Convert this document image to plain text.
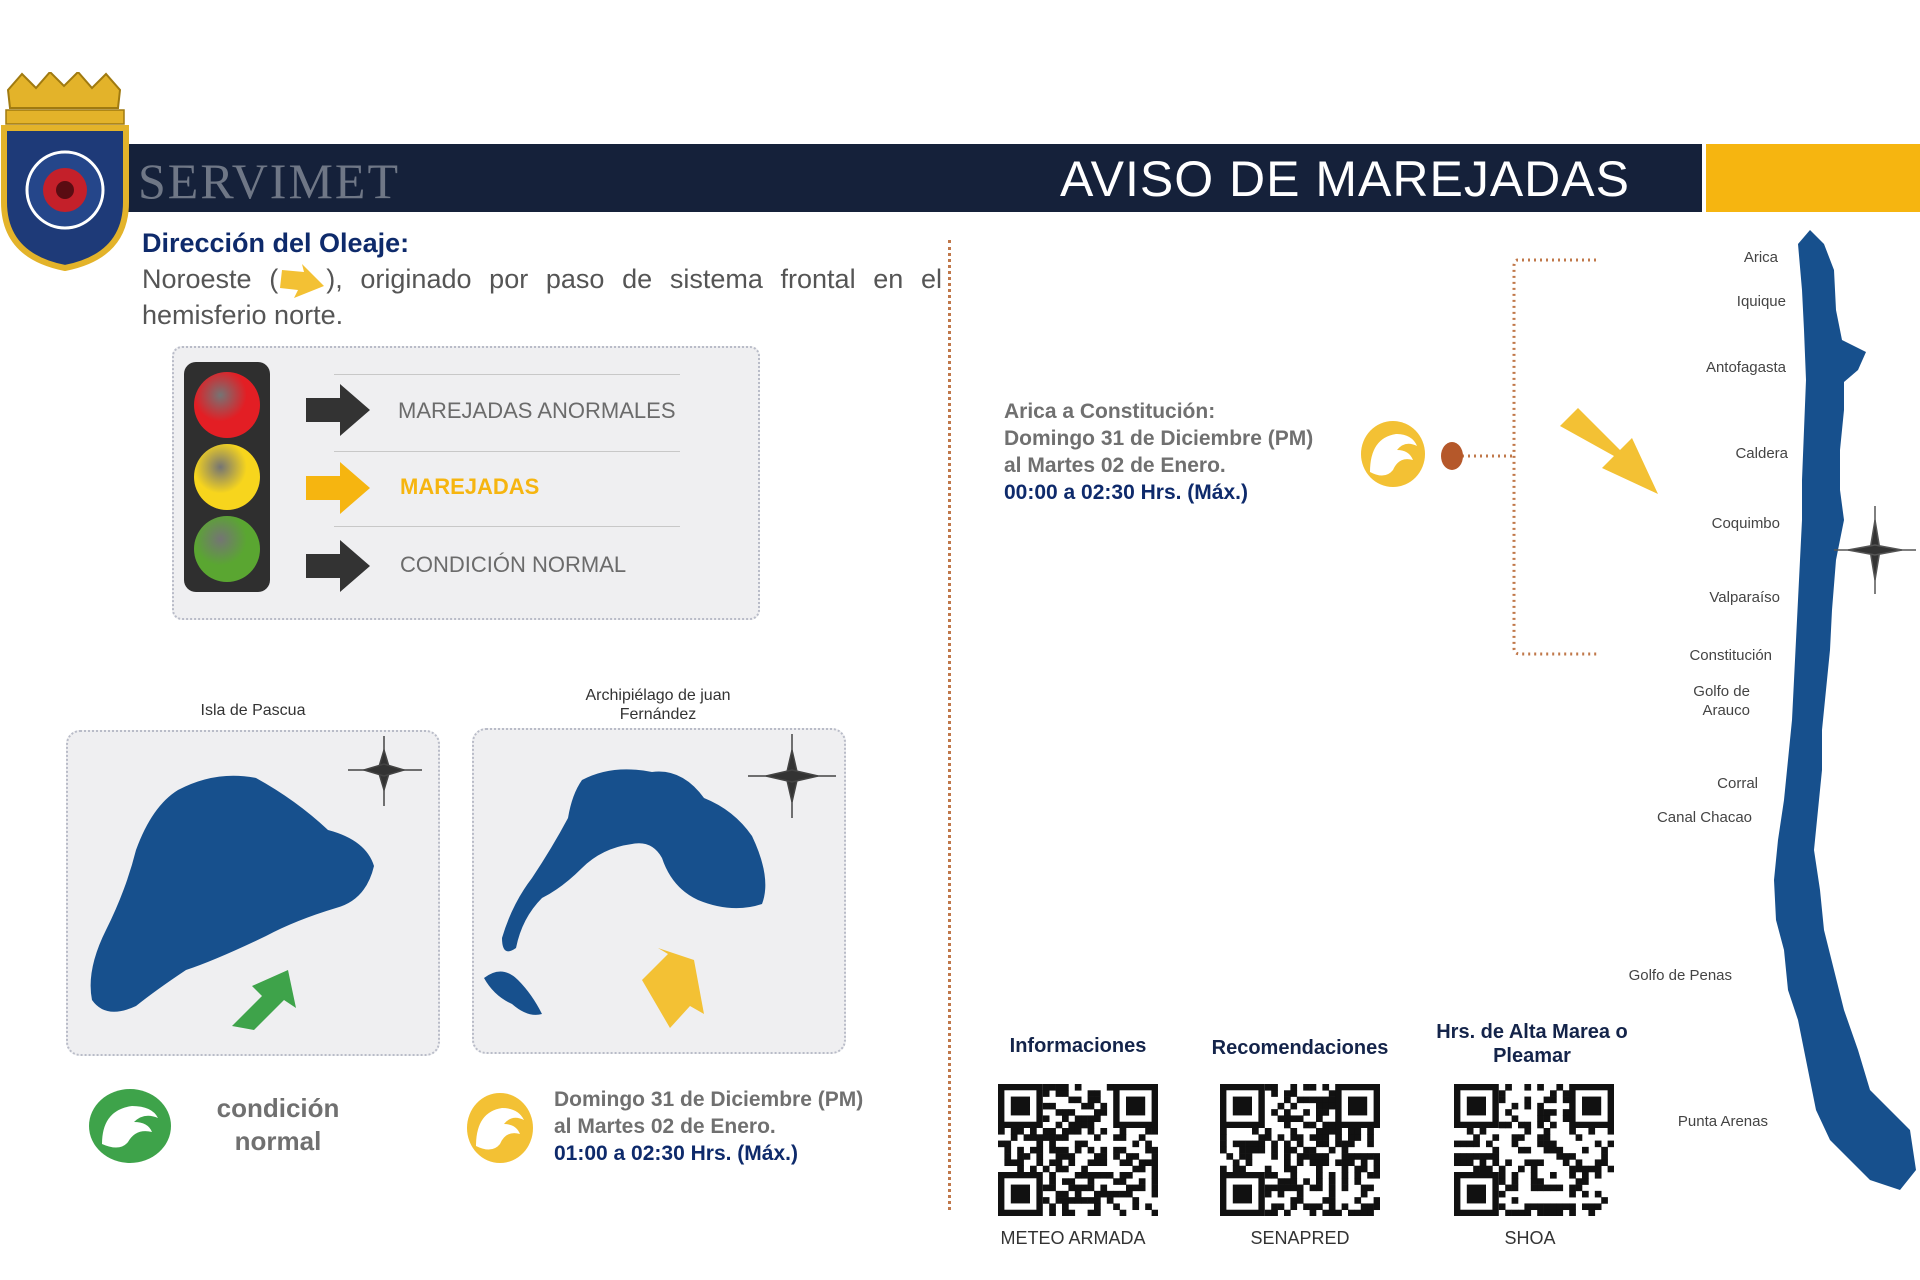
SERVIMET	AVISO DE MAREJADAS
Dirección del Oleaje:
Noroeste ( ), originado por paso de sistema frontal en el hemisferio norte.
MAREJADAS ANORMALES
MAREJADAS
CONDICIÓN NORMAL
Isla de Pascua
Archipiélago de juan Fernández
condición normal
Domingo 31 de Diciembre (PM)
al Martes 02 de Enero.
01:00 a 02:30 Hrs. (Máx.)
Arica a Constitución:
Domingo 31 de Diciembre (PM)
al Martes 02 de Enero.
00:00 a 02:30 Hrs. (Máx.)
Arica
Iquique
Antofagasta
Caldera
Coquimbo
Valparaíso
Constitución
Golfo de Arauco
Corral
Canal Chacao
Golfo de Penas
Punta Arenas
Informaciones	Recomendaciones
Hrs. de Alta Marea o Pleamar
METEO ARMADA	SENAPRED	SHOA
